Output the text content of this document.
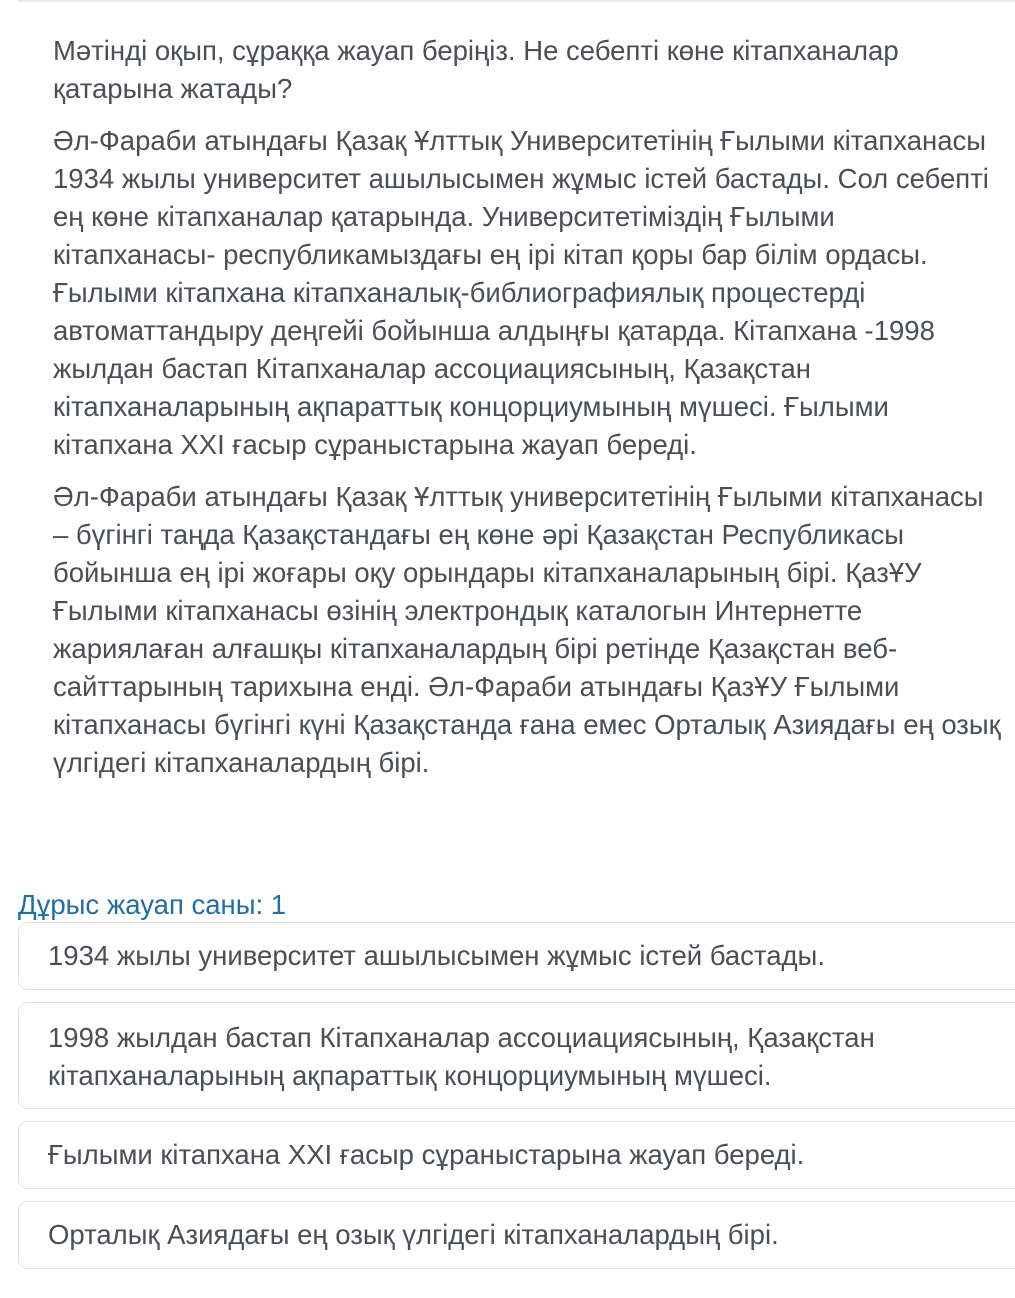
Мәтінді оқып, сұраққа жауап беріңіз. Не себепті көне кітапханалар қатарына жатады?

Әл-Фараби атындағы Қазақ Ұлттық Университетінің Ғылыми кітапханасы 1934 жылы университет ашылысымен жұмыс істей бастады. Сол себепті ең көне кітапханалар қатарында. Университетіміздің Ғылыми кітапханасы- республикамыздағы ең ірі кітап қоры бар білім ордасы. Ғылыми кітапхана кітапханалық-библиографиялық процестерді автоматтандыру деңгейі бойынша алдыңғы қатарда. Кітапхана -1998 жылдан бастап Кітапханалар ассоциациясының, Қазақстан кітапханаларының ақпараттық концорциумының мүшесі. Ғылыми кітапхана XXI ғасыр сұраныстарына жауап береді.

Әл-Фараби атындағы Қазақ Ұлттық университетінің Ғылыми кітапханасы – бүгінгі таңда Қазақстандағы ең көне әрі Қазақстан Республикасы бойынша ең ірі жоғары оқу орындары кітапханаларының бірі. ҚазҰУ Ғылыми кітапханасы өзінің электрондық каталогын Интернетте жариялаған алғашқы кітапханалардың бірі ретінде Қазақстан веб-сайттарының тарихына енді. Әл-Фараби атындағы ҚазҰУ Ғылыми кітапханасы бүгінгі күні Қазақстанда ғана емес Орталық Азиядағы ең озық үлгідегі кітапханалардың бірі.

Дұрыс жауап саны: 1
1934 жылы университет ашылысымен жұмыс істей бастады.
1998 жылдан бастап Кітапханалар ассоциациясының, Қазақстан кітапханаларының ақпараттық концорциумының мүшесі.
Ғылыми кітапхана XXI ғасыр сұраныстарына жауап береді.
Орталық Азиядағы ең озық үлгідегі кітапханалардың бірі.
